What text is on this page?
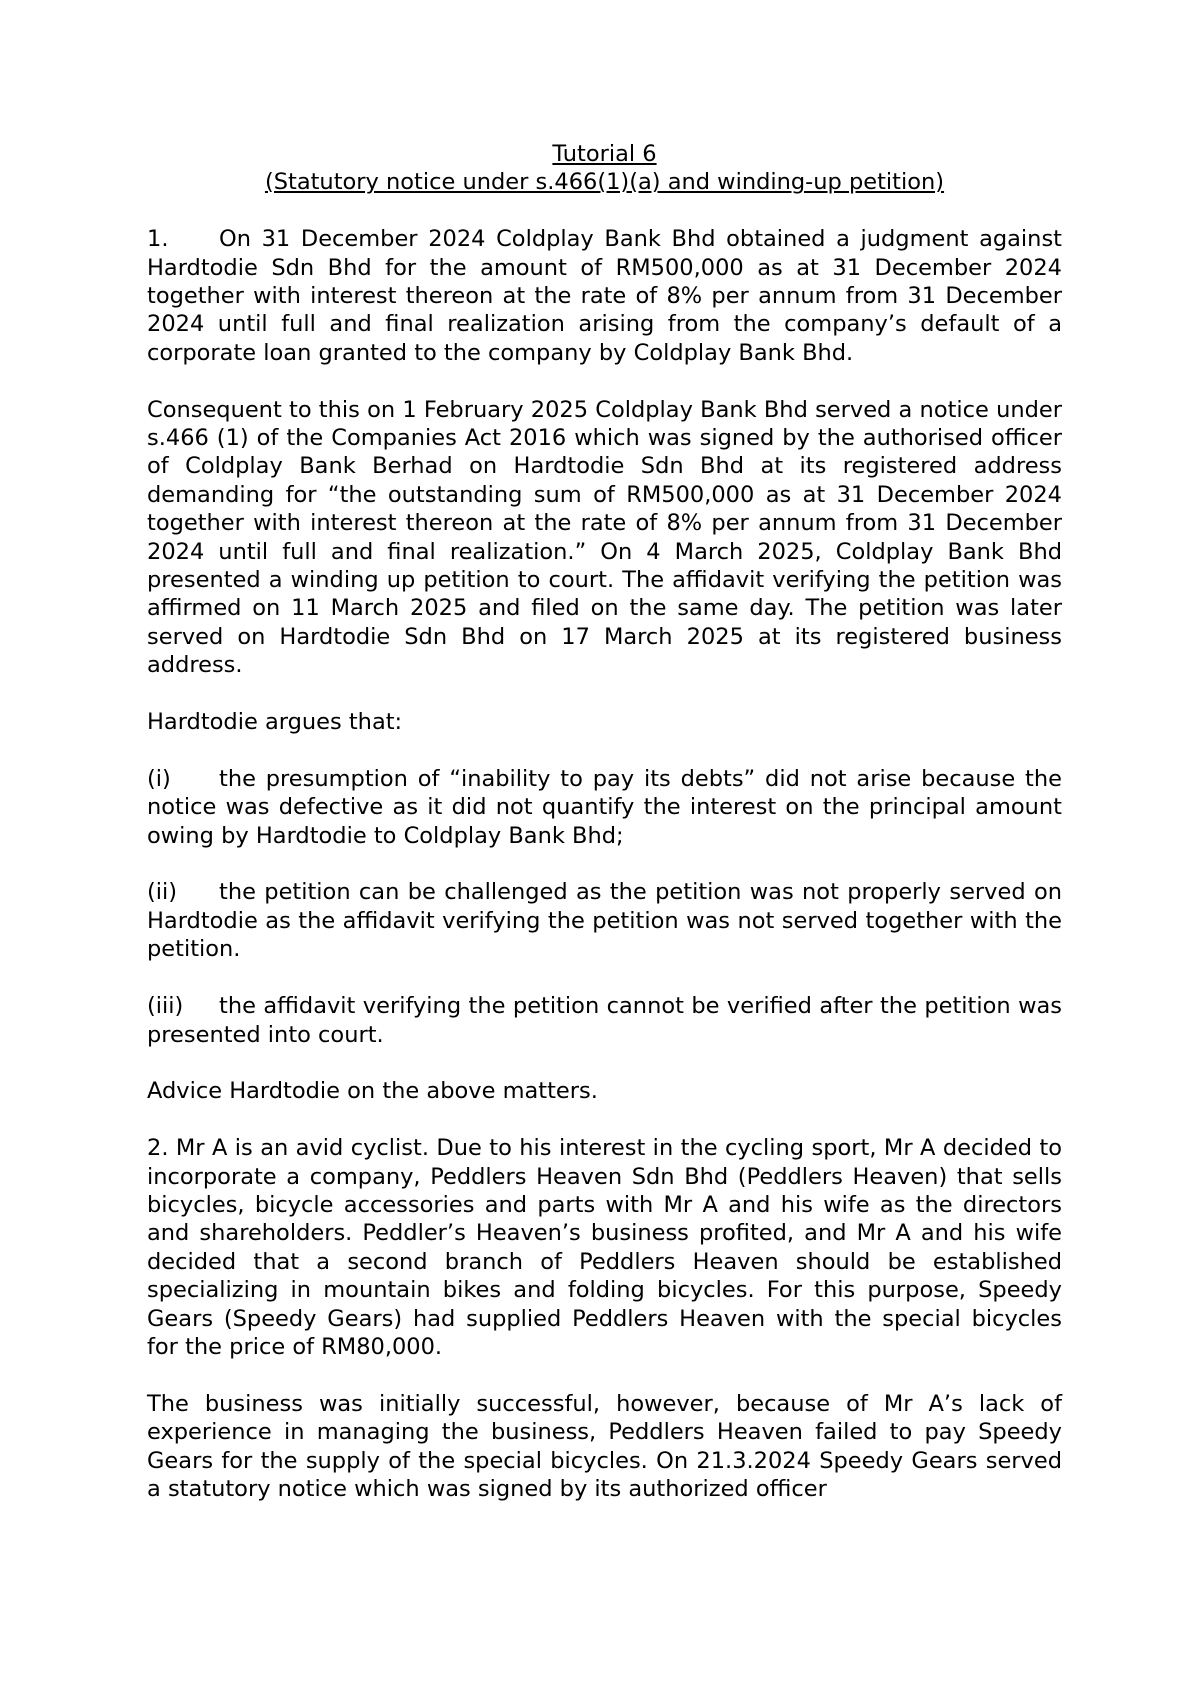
Tutorial 6

(Statutory notice under s.466(1)(a) and winding-up petition)

1. On 31 December 2024 Coldplay Bank Bhd obtained a judgment against Hardtodie Sdn Bhd for the amount of RM500,000 as at 31 December 2024 together with interest thereon at the rate of 8% per annum from 31 December 2024 until full and final realization arising from the company’s default of a corporate loan granted to the company by Coldplay Bank Bhd.

Consequent to this on 1 February 2025 Coldplay Bank Bhd served a notice under s.466 (1) of the Companies Act 2016 which was signed by the authorised officer of Coldplay Bank Berhad on Hardtodie Sdn Bhd at its registered address demanding for “the outstanding sum of RM500,000 as at 31 December 2024 together with interest thereon at the rate of 8% per annum from 31 December 2024 until full and final realization.” On 4 March 2025, Coldplay Bank Bhd presented a winding up petition to court. The affidavit verifying the petition was affirmed on 11 March 2025 and filed on the same day. The petition was later served on Hardtodie Sdn Bhd on 17 March 2025 at its registered business address.

Hardtodie argues that:

(i) the presumption of “inability to pay its debts” did not arise because the notice was defective as it did not quantify the interest on the principal amount owing by Hardtodie to Coldplay Bank Bhd;

(ii) the petition can be challenged as the petition was not properly served on Hardtodie as the affidavit verifying the petition was not served together with the petition.

(iii) the affidavit verifying the petition cannot be verified after the petition was presented into court.

Advice Hardtodie on the above matters.

2. Mr A is an avid cyclist. Due to his interest in the cycling sport, Mr A decided to incorporate a company, Peddlers Heaven Sdn Bhd (Peddlers Heaven) that sells bicycles, bicycle accessories and parts with Mr A and his wife as the directors and shareholders. Peddler’s Heaven’s business profited, and Mr A and his wife decided that a second branch of Peddlers Heaven should be established specializing in mountain bikes and folding bicycles. For this purpose, Speedy Gears (Speedy Gears) had supplied Peddlers Heaven with the special bicycles for the price of RM80,000.

The business was initially successful, however, because of Mr A’s lack of experience in managing the business, Peddlers Heaven failed to pay Speedy Gears for the supply of the special bicycles. On 21.3.2024 Speedy Gears served a statutory notice which was signed by its authorized officer
